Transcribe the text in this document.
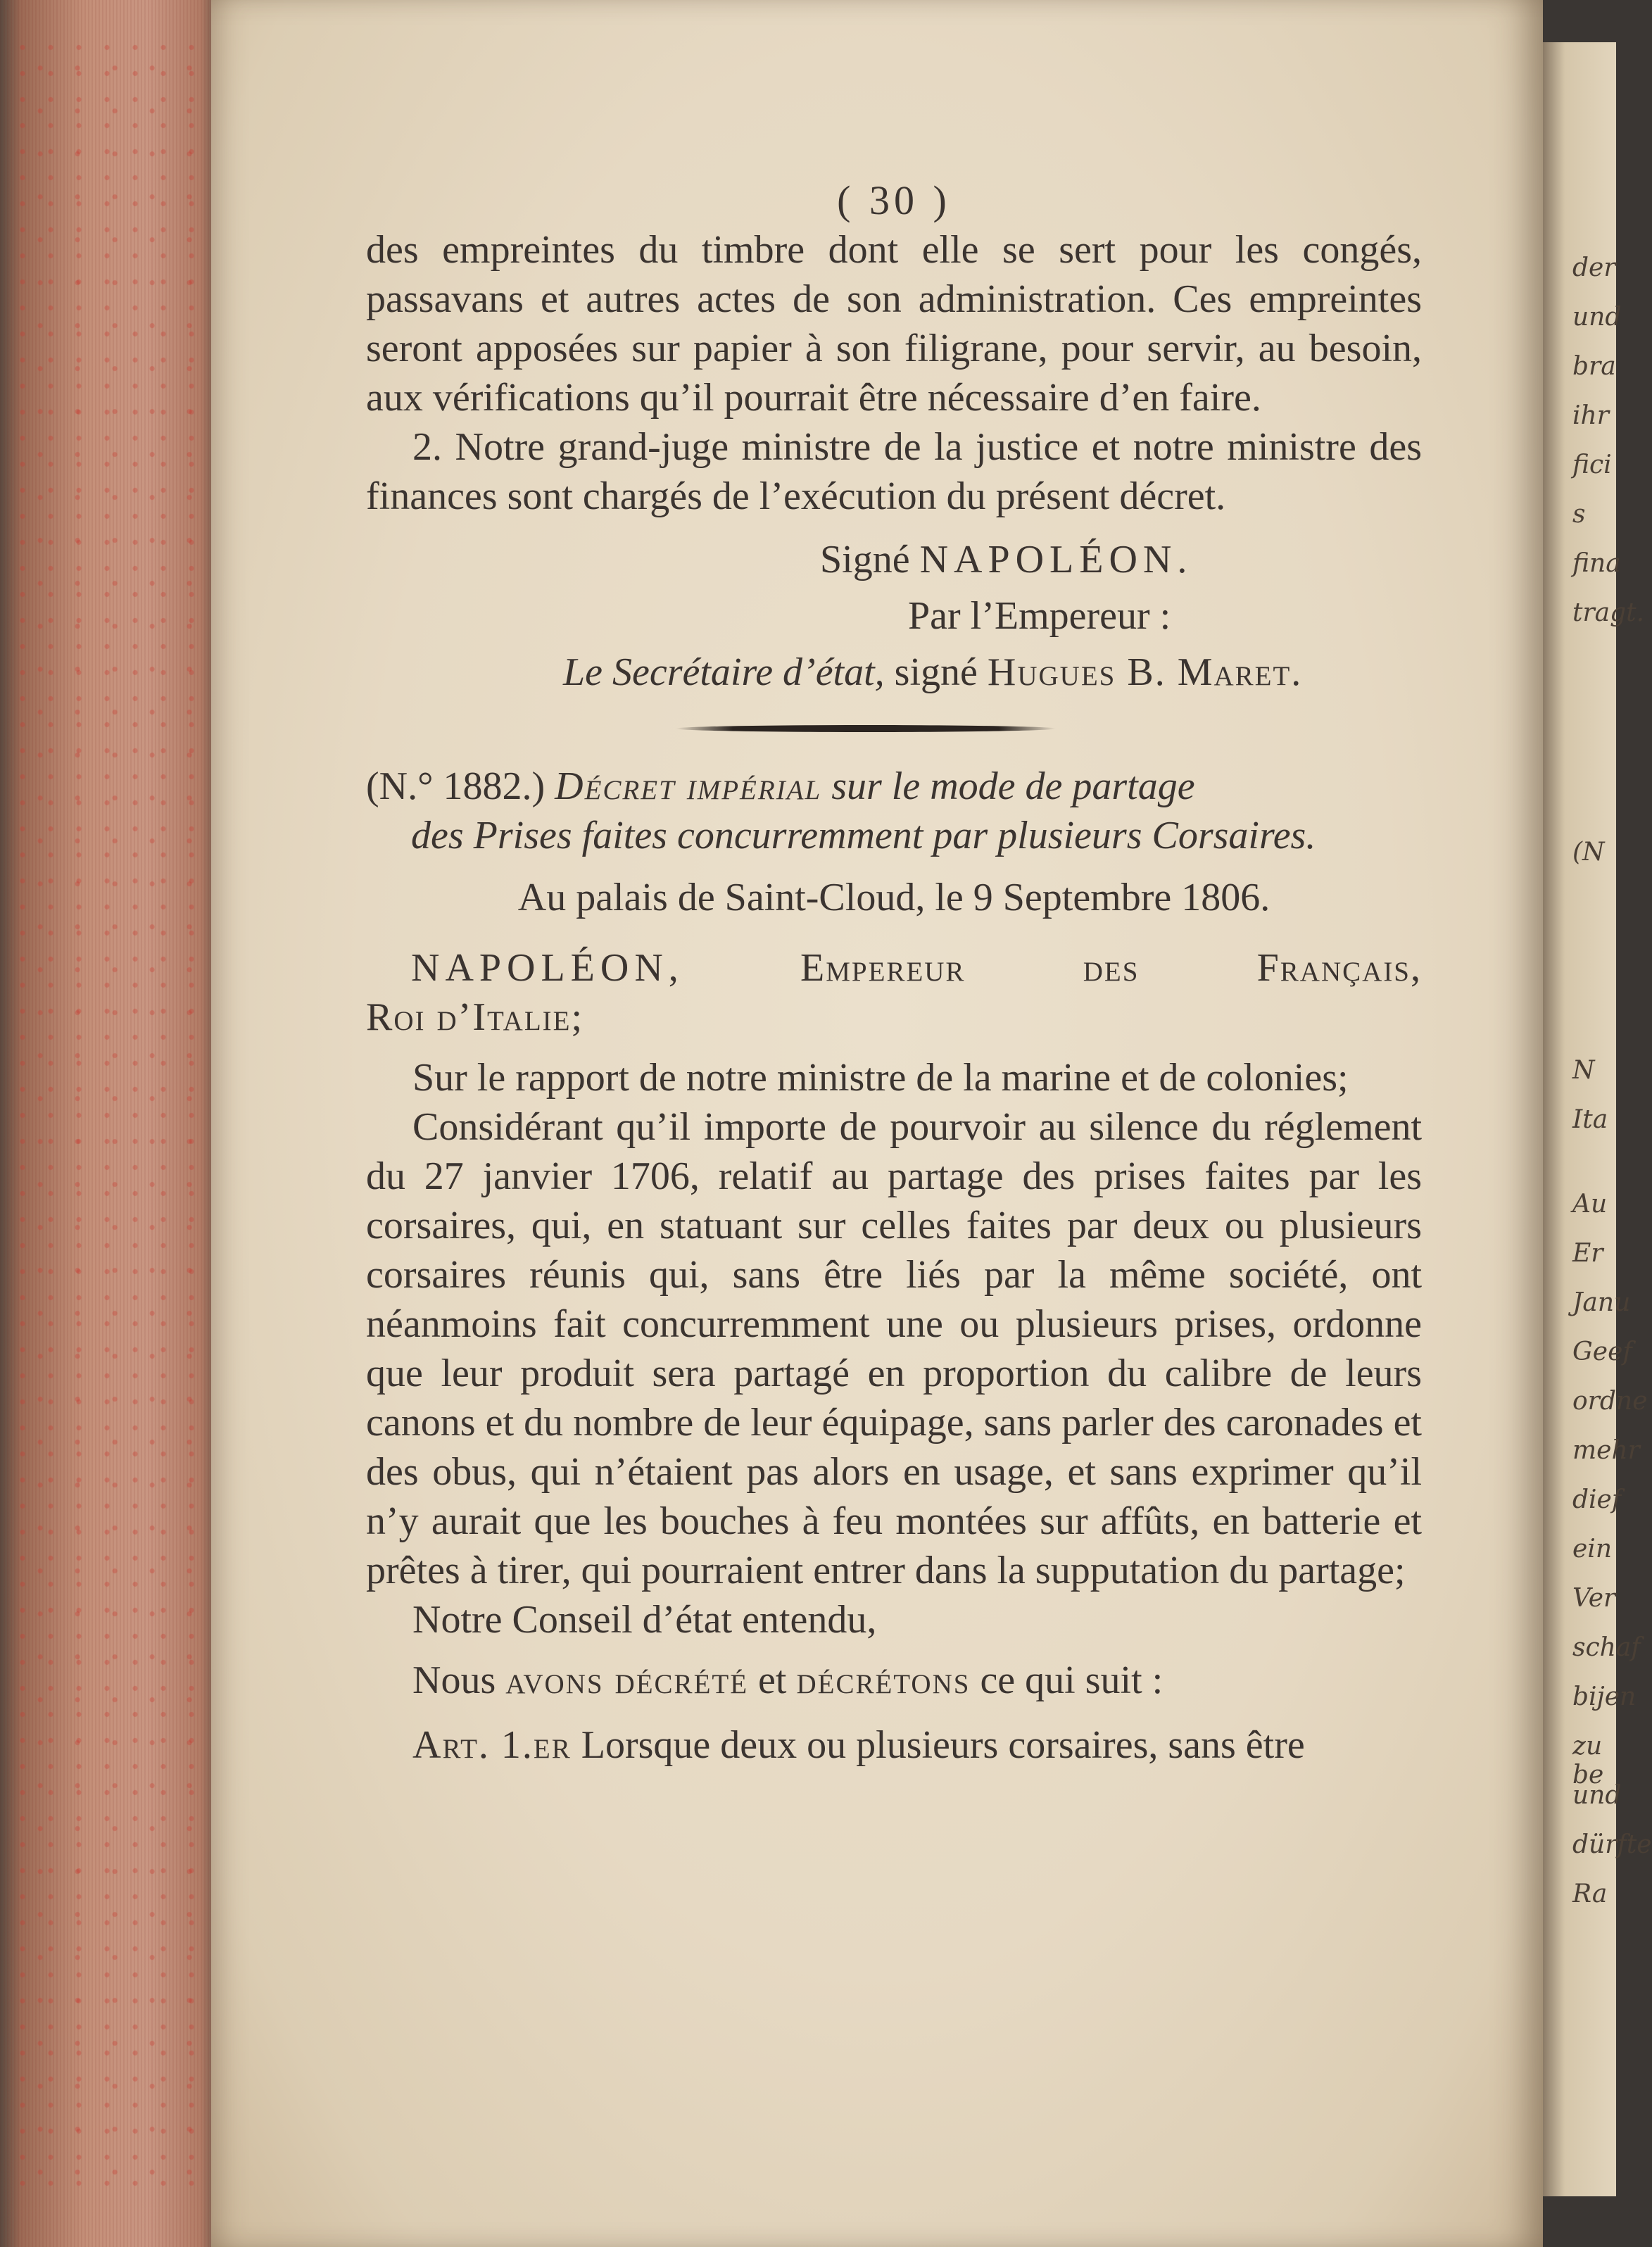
der
und
bra
ihr
fici
s
fina
tragt.
(N
N
Ita
Au
Er
Janu
Geef
ordne
mehr
dief
ein
Ver
schaf
bijen
zu be
und
dürfte
Ra
( 30 )

des empreintes du timbre dont elle se sert pour les congés, passavans et autres actes de son administration. Ces empreintes seront apposées sur papier à son filigrane, pour servir, au besoin, aux vérifications qu’il pourrait être nécessaire d’en faire.

2. Notre grand-juge ministre de la justice et notre ministre des finances sont chargés de l’exécution du présent décret.

Signé NAPOLÉON.
Par l’Empereur :
Le Secrétaire d’état, signé Hugues B. Maret.

(N.° 1882.) Décret impérial sur le mode de partage
des Prises faites concurremment par plusieurs Corsaires.

Au palais de Saint-Cloud, le 9 Septembre 1806.

NAPOLÉON,	Empereur des Français,
Roi d’Italie;

Sur le rapport de notre ministre de la marine et de colonies;

Considérant qu’il importe de pourvoir au silence du réglement du 27 janvier 1706, relatif au partage des prises faites par les corsaires, qui, en statuant sur celles faites par deux ou plusieurs corsaires réunis qui, sans être liés par la même société, ont néanmoins fait concurremment une ou plusieurs prises, ordonne que leur produit sera partagé en proportion du calibre de leurs canons et du nombre de leur équipage, sans parler des caronades et des obus, qui n’étaient pas alors en usage, et sans exprimer qu’il n’y aurait que les bouches à feu montées sur affûts, en batterie et prêtes à tirer, qui pourraient entrer dans la supputation du partage;

Notre Conseil d’état entendu,

Nous avons décrété et décrétons ce qui suit :

Art. 1.er Lorsque deux ou plusieurs corsaires, sans être
